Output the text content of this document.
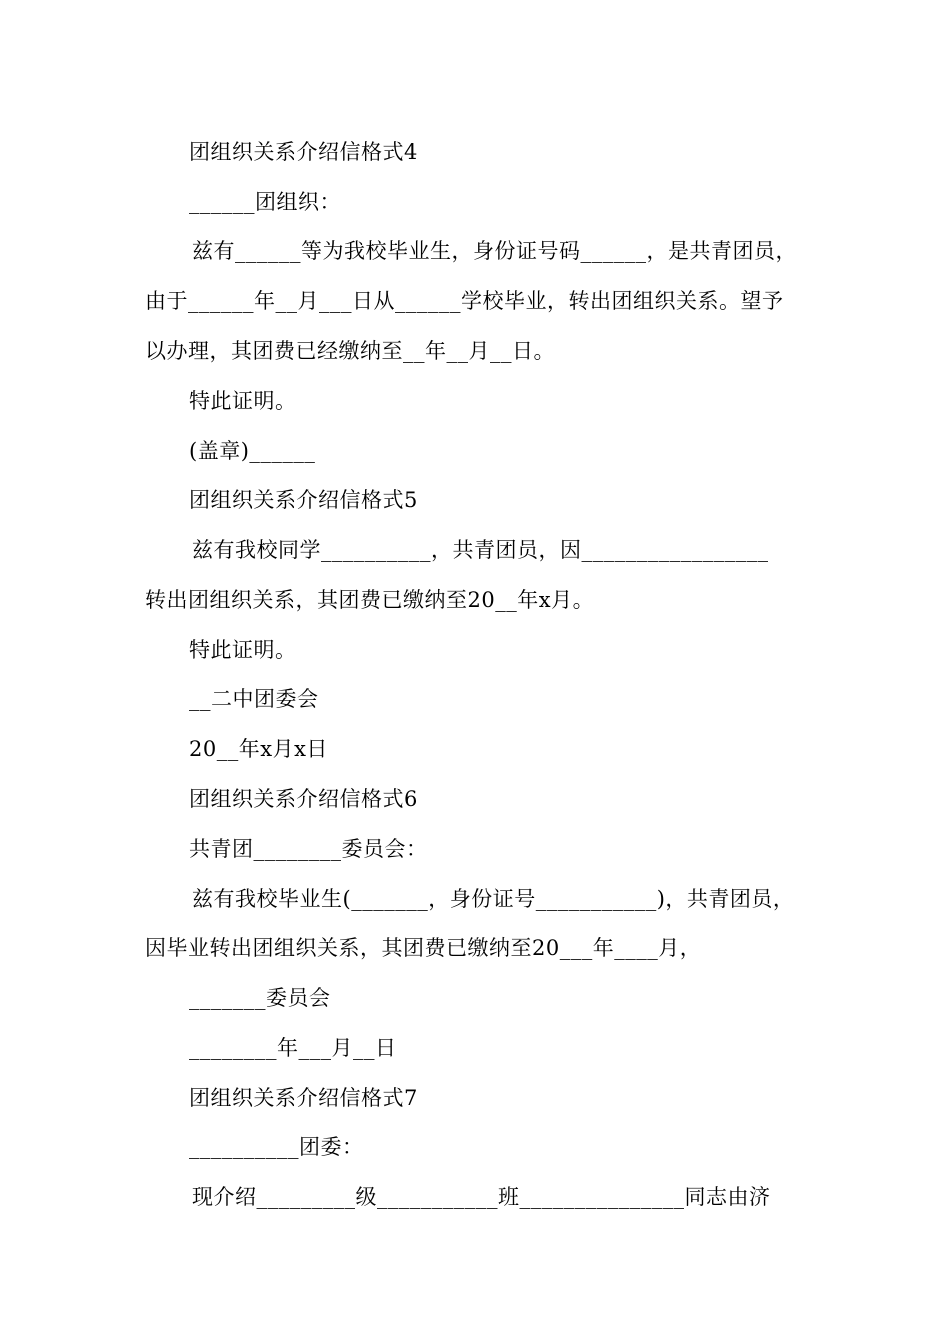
团组织关系介绍信格式4
______团组织：
兹有______等为我校毕业生，身份证号码______，是共青团员，
由于______年__月___日从______学校毕业，转出团组织关系。望予
以办理，其团费已经缴纳至__年__月__日。
特此证明。
(盖章)______
团组织关系介绍信格式5
兹有我校同学__________，共青团员，因_________________
转出团组织关系，其团费已缴纳至20__年x月。
特此证明。
__二中团委会
20__年x月x日
团组织关系介绍信格式6
共青团________委员会：
兹有我校毕业生(_______，身份证号___________)，共青团员，
因毕业转出团组织关系，其团费已缴纳至20___年____月，
_______委员会
________年___月__日
团组织关系介绍信格式7
__________团委：
现介绍_________级___________班_______________同志由济
